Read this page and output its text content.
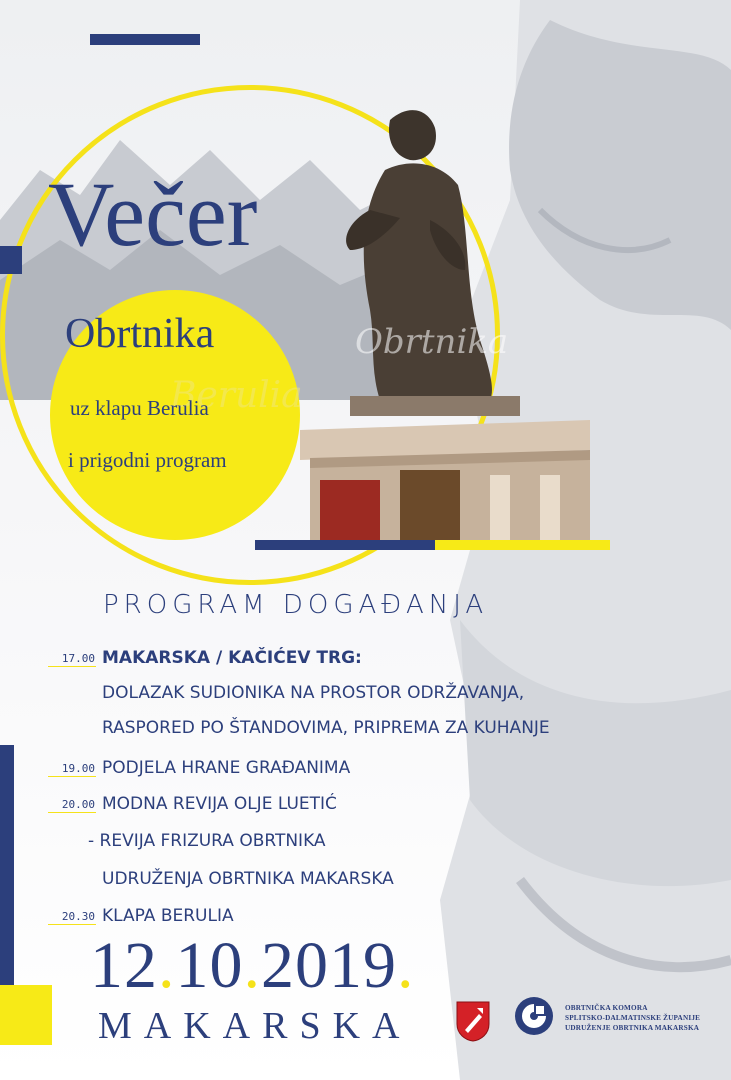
Obrtnika
Berulia
Večer
Obrtnika
uz klapu Berulia
i prigodni program
PROGRAM DOGAĐANJA
17.00 MAKARSKA / KAČIĆEV TRG:
DOLAZAK SUDIONIKA NA PROSTOR ODRŽAVANJA,
RASPORED PO ŠTANDOVIMA, PRIPREMA ZA KUHANJE
19.00 PODJELA HRANE GRAĐANIMA
20.00 MODNA REVIJA OLJE LUETIĆ
- REVIJA FRIZURA OBRTNIKA
UDRUŽENJA OBRTNIKA MAKARSKA
20.30 KLAPA BERULIA
12.10.2019.
MAKARSKA	OBRTNIČKA KOMORA
SPLITSKO-DALMATINSKE ŽUPANIJE
UDRUŽENJE OBRTNIKA MAKARSKA
